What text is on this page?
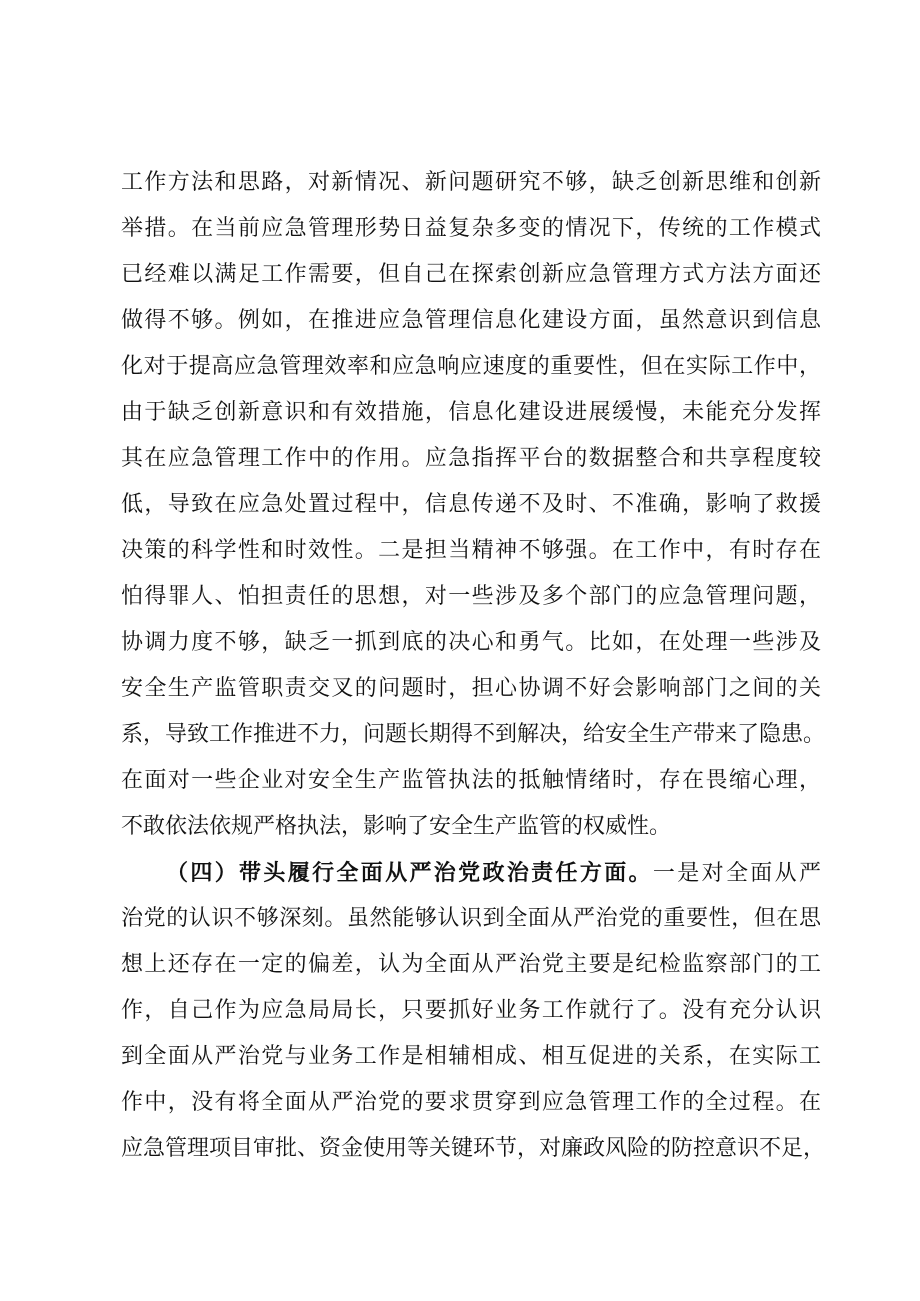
工作方法和思路，对新情况、新问题研究不够，缺乏创新思维和创新
举措。在当前应急管理形势日益复杂多变的情况下，传统的工作模式
已经难以满足工作需要，但自己在探索创新应急管理方式方法方面还
做得不够。例如，在推进应急管理信息化建设方面，虽然意识到信息
化对于提高应急管理效率和应急响应速度的重要性，但在实际工作中，
由于缺乏创新意识和有效措施，信息化建设进展缓慢，未能充分发挥
其在应急管理工作中的作用。应急指挥平台的数据整合和共享程度较
低，导致在应急处置过程中，信息传递不及时、不准确，影响了救援
决策的科学性和时效性。二是担当精神不够强。在工作中，有时存在
怕得罪人、怕担责任的思想，对一些涉及多个部门的应急管理问题，
协调力度不够，缺乏一抓到底的决心和勇气。比如，在处理一些涉及
安全生产监管职责交叉的问题时，担心协调不好会影响部门之间的关
系，导致工作推进不力，问题长期得不到解决，给安全生产带来了隐患。
在面对一些企业对安全生产监管执法的抵触情绪时，存在畏缩心理，
不敢依法依规严格执法，影响了安全生产监管的权威性。
（四）带头履行全面从严治党政治责任方面。一是对全面从严
治党的认识不够深刻。虽然能够认识到全面从严治党的重要性，但在思
想上还存在一定的偏差，认为全面从严治党主要是纪检监察部门的工
作，自己作为应急局局长，只要抓好业务工作就行了。没有充分认识
到全面从严治党与业务工作是相辅相成、相互促进的关系，在实际工
作中，没有将全面从严治党的要求贯穿到应急管理工作的全过程。在
应急管理项目审批、资金使用等关键环节，对廉政风险的防控意识不足，
